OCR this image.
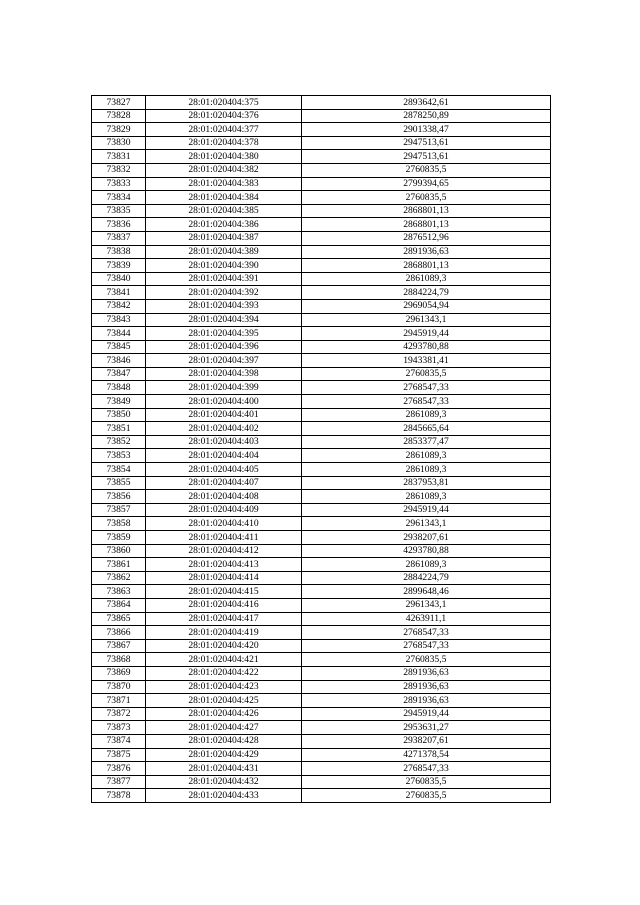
73827	28:01:020404:375	2893642,61
73828	28:01:020404:376	2878250,89
73829	28:01:020404:377	2901338,47
73830	28:01:020404:378	2947513,61
73831	28:01:020404:380	2947513,61
73832	28:01:020404:382	2760835,5
73833	28:01:020404:383	2799394,65
73834	28:01:020404:384	2760835,5
73835	28:01:020404:385	2868801,13
73836	28:01:020404:386	2868801,13
73837	28:01:020404:387	2876512,96
73838	28:01:020404:389	2891936,63
73839	28:01:020404:390	2868801,13
73840	28:01:020404:391	2861089,3
73841	28:01:020404:392	2884224,79
73842	28:01:020404:393	2969054,94
73843	28:01:020404:394	2961343,1
73844	28:01:020404:395	2945919,44
73845	28:01:020404:396	4293780,88
73846	28:01:020404:397	1943381,41
73847	28:01:020404:398	2760835,5
73848	28:01:020404:399	2768547,33
73849	28:01:020404:400	2768547,33
73850	28:01:020404:401	2861089,3
73851	28:01:020404:402	2845665,64
73852	28:01:020404:403	2853377,47
73853	28:01:020404:404	2861089,3
73854	28:01:020404:405	2861089,3
73855	28:01:020404:407	2837953,81
73856	28:01:020404:408	2861089,3
73857	28:01:020404:409	2945919,44
73858	28:01:020404:410	2961343,1
73859	28:01:020404:411	2938207,61
73860	28:01:020404:412	4293780,88
73861	28:01:020404:413	2861089,3
73862	28:01:020404:414	2884224,79
73863	28:01:020404:415	2899648,46
73864	28:01:020404:416	2961343,1
73865	28:01:020404:417	4263911,1
73866	28:01:020404:419	2768547,33
73867	28:01:020404:420	2768547,33
73868	28:01:020404:421	2760835,5
73869	28:01:020404:422	2891936,63
73870	28:01:020404:423	2891936,63
73871	28:01:020404:425	2891936,63
73872	28:01:020404:426	2945919,44
73873	28:01:020404:427	2953631,27
73874	28:01:020404:428	2938207,61
73875	28:01:020404:429	4271378,54
73876	28:01:020404:431	2768547,33
73877	28:01:020404:432	2760835,5
73878	28:01:020404:433	2760835,5
